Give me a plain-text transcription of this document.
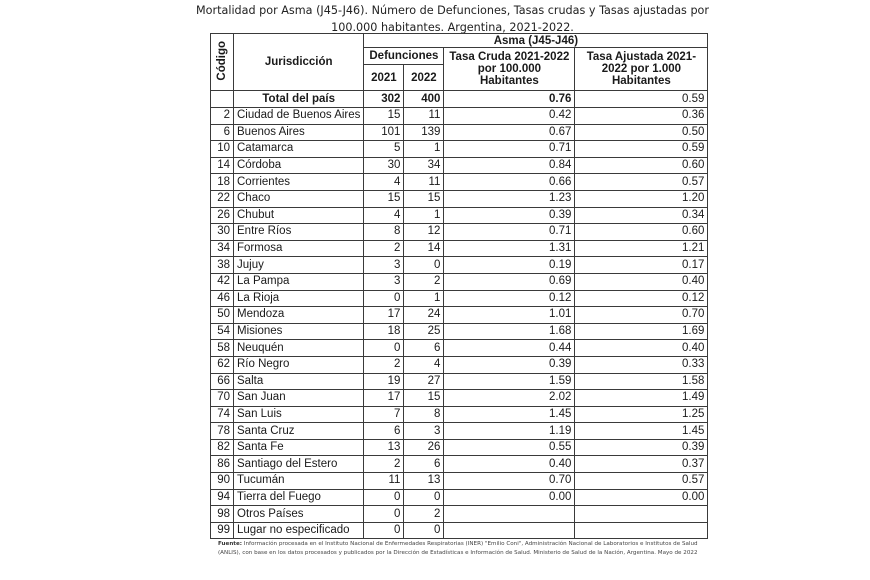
Mortalidad por Asma (J45-J46). Número de Defunciones, Tasas crudas y Tasas ajustadas por 100.000 habitantes. Argentina, 2021-2022.
Código	Jurisdicción	Asma (J45-J46)			
		Defunciones		Tasa Cruda 2021-2022 por 100.000 Habitantes	Tasa Ajustada 2021-2022 por 1.000 Habitantes
		2021	2022		
	Total del país	302	400	0.76	0.59
2	Ciudad de Buenos Aires	15	11	0.42	0.36
6	Buenos Aires	101	139	0.67	0.50
10	Catamarca	5	1	0.71	0.59
14	Córdoba	30	34	0.84	0.60
18	Corrientes	4	11	0.66	0.57
22	Chaco	15	15	1.23	1.20
26	Chubut	4	1	0.39	0.34
30	Entre Ríos	8	12	0.71	0.60
34	Formosa	2	14	1.31	1.21
38	Jujuy	3	0	0.19	0.17
42	La Pampa	3	2	0.69	0.40
46	La Rioja	0	1	0.12	0.12
50	Mendoza	17	24	1.01	0.70
54	Misiones	18	25	1.68	1.69
58	Neuquén	0	6	0.44	0.40
62	Río Negro	2	4	0.39	0.33
66	Salta	19	27	1.59	1.58
70	San Juan	17	15	2.02	1.49
74	San Luis	7	8	1.45	1.25
78	Santa Cruz	6	3	1.19	1.45
82	Santa Fe	13	26	0.55	0.39
86	Santiago del Estero	2	6	0.40	0.37
90	Tucumán	11	13	0.70	0.57
94	Tierra del Fuego	0	0	0.00	0.00
98	Otros Países	0	2		
99	Lugar no especificado	0	0		
Fuente: Información procesada en el Instituto Nacional de Enfermedades Respiratorias (INER) "Emilio Coni", Administración Nacional de Laboratorios e Institutos de Salud (ANLIS), con base en los datos procesados y publicados por la Dirección de Estadísticas e Información de Salud. Ministerio de Salud de la Nación, Argentina. Mayo de 2022
